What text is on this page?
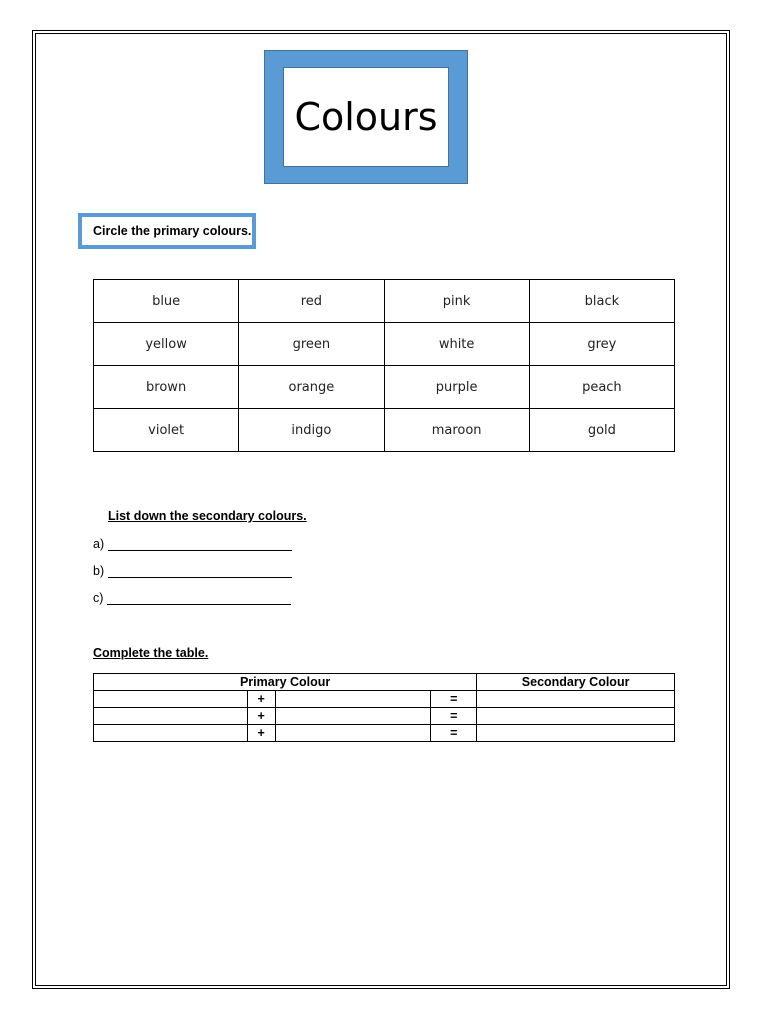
Colours
Circle the primary colours.
blue	red	pink	black
yellow	green	white	grey
brown	orange	purple	peach
violet	indigo	maroon	gold
List down the secondary colours.
a)
b)
c)
Complete the table.
Primary Colour				Secondary Colour
	+		=	
	+		=	
	+		=	
